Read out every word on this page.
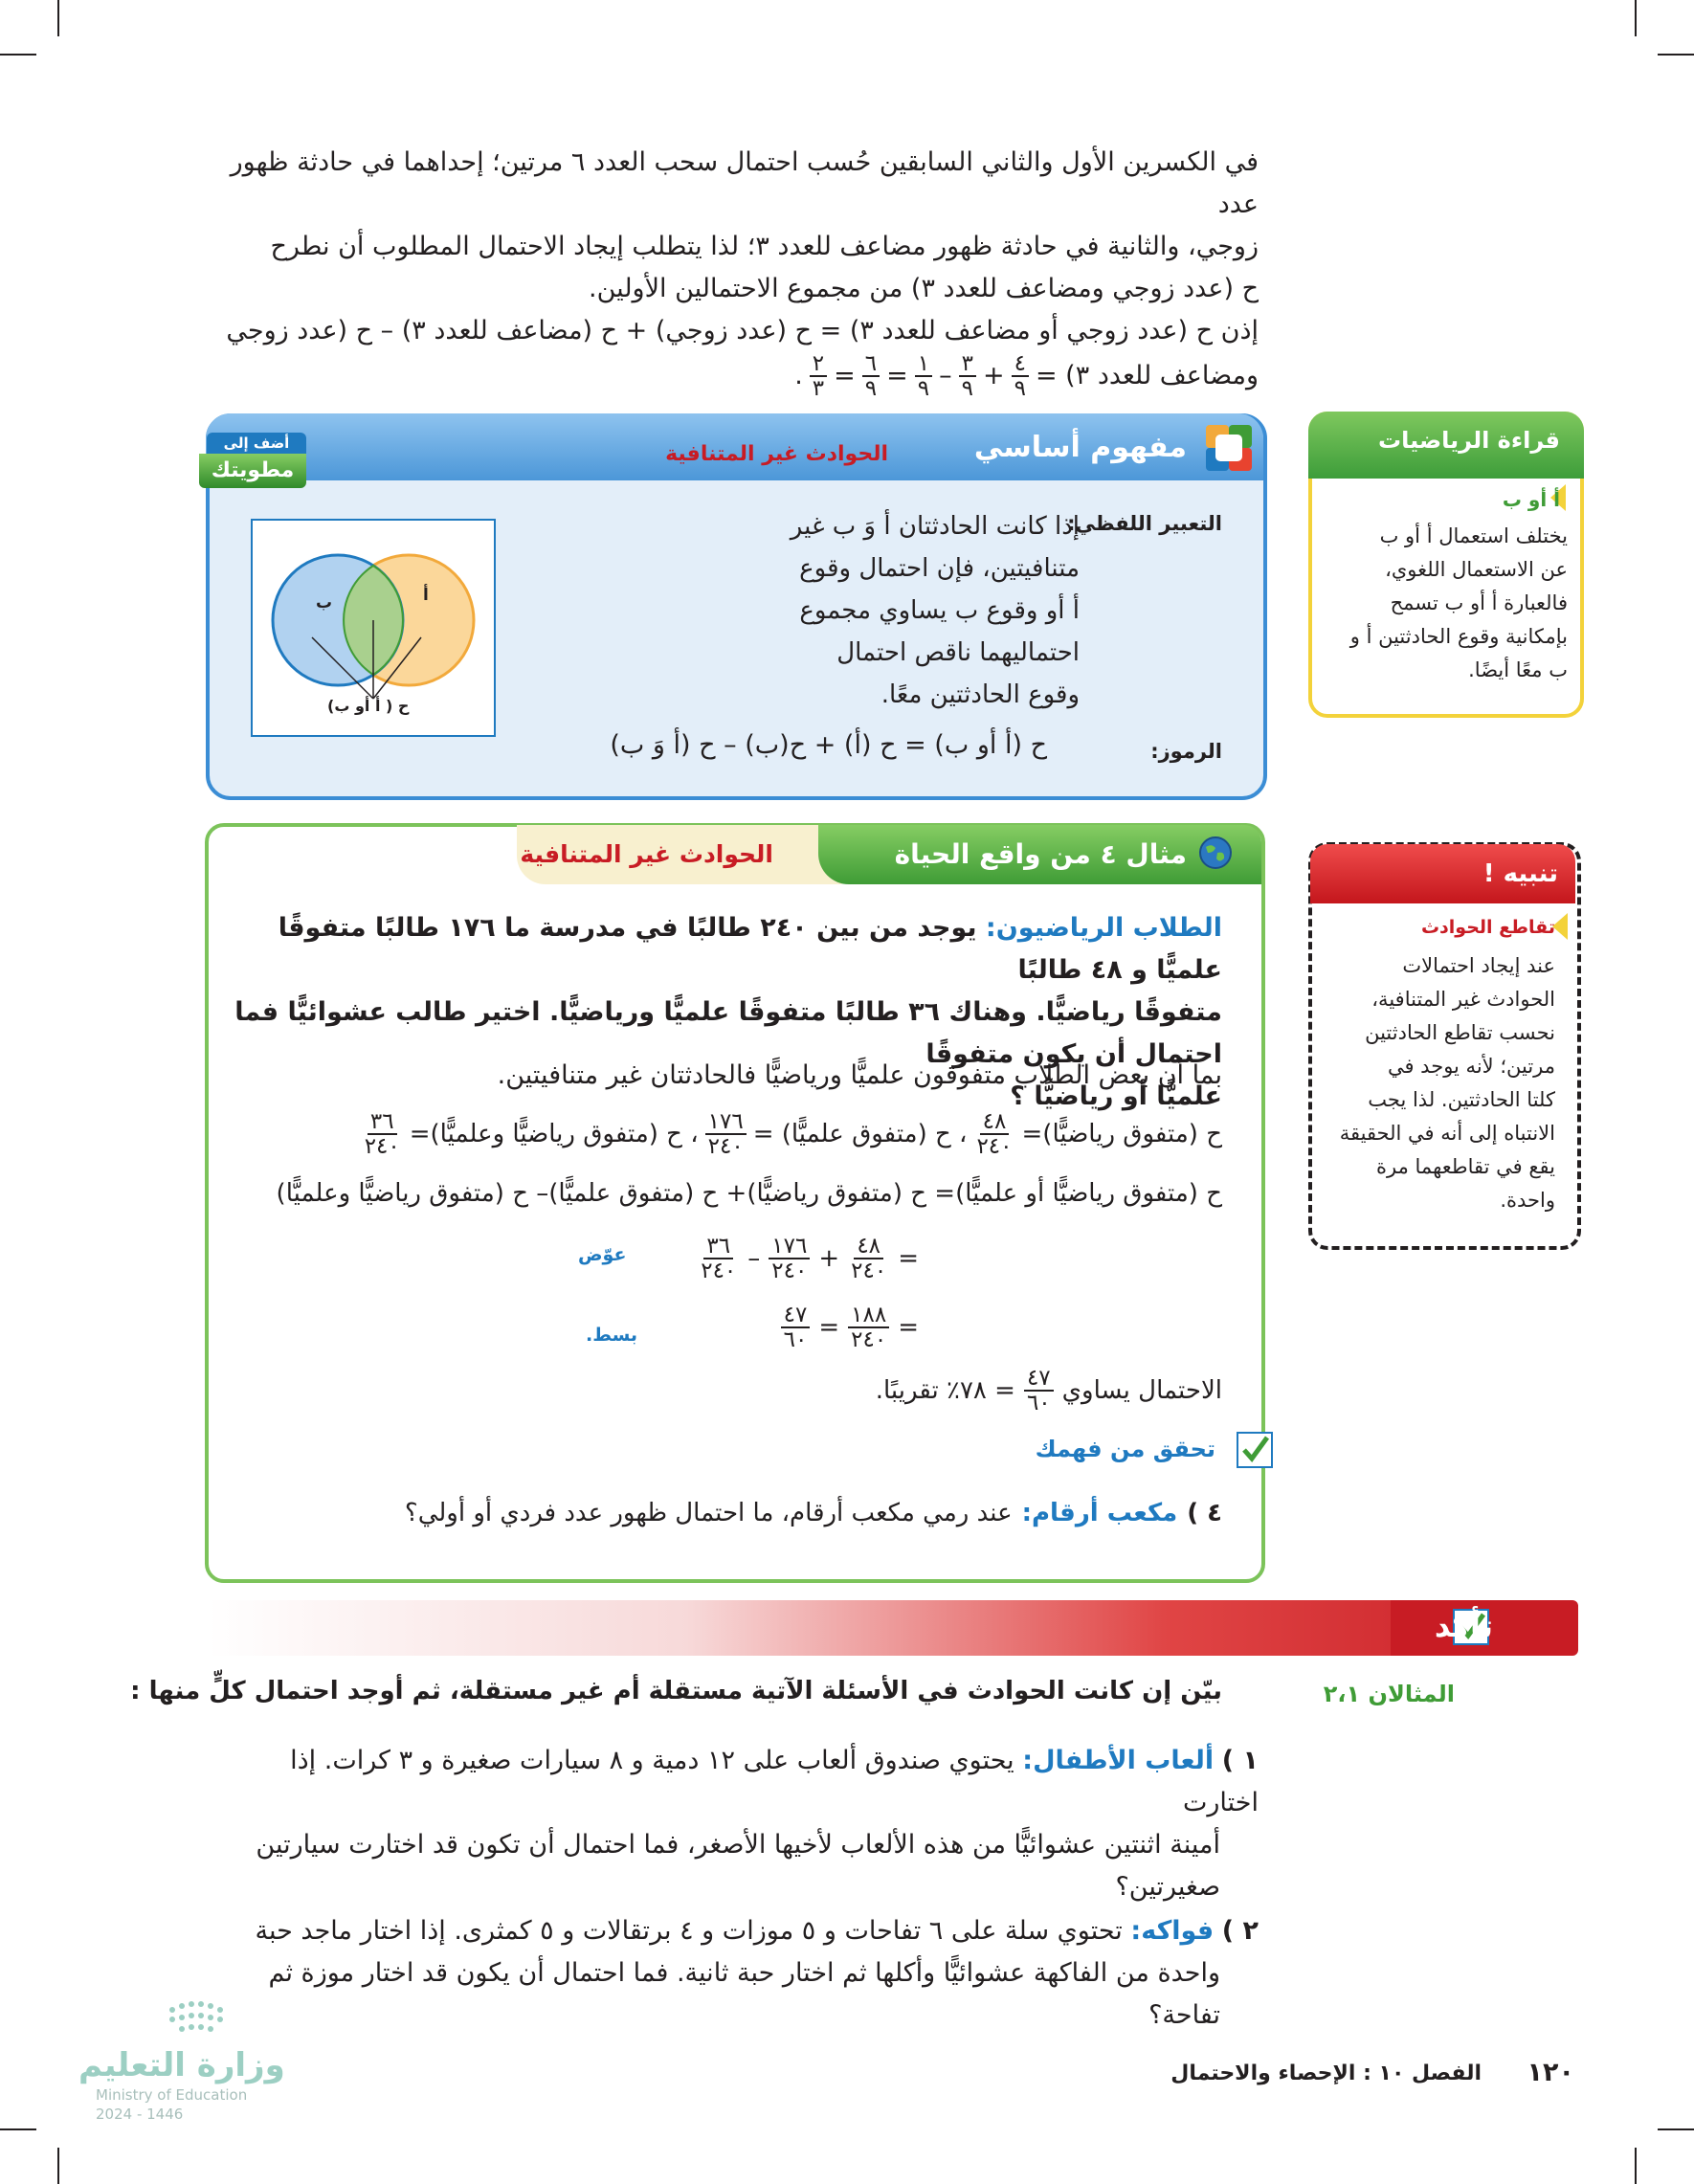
في الكسرين الأول والثاني السابقين حُسب احتمال سحب العدد ٦ مرتين؛ إحداهما في حادثة ظهور عدد
زوجي، والثانية في حادثة ظهور مضاعف للعدد ٣؛ لذا يتطلب إيجاد الاحتمال المطلوب أن نطرح
ح (عدد زوجي ومضاعف للعدد ٣) من مجموع الاحتمالين الأولين.
إذن ح (عدد زوجي أو مضاعف للعدد ٣) = ح (عدد زوجي) + ح (مضاعف للعدد ٣) – ح (عدد زوجي
ومضاعف للعدد ٣) =
$\frac{٤}{٩}$
+
$\frac{٣}{٩}$
–
$\frac{١}{٩}$
=
$\frac{٦}{٩}$
=
$\frac{٢}{٣}$
.
قراءة الرياضيات
أ أو ب
يختلف استعمال أ أو ب
عن الاستعمال اللغوي،
فالعبارة أ أو ب تسمح
بإمكانية وقوع الحادثتين أ و
ب معًا أيضًا.
مفهوم أساسي
الحوادث غير المتنافية
أضف إلى
مطويتك
التعبير اللفظي:
إذا كانت الحادثتان أ وَ ب غير
متنافيتين، فإن احتمال وقوع
أ أو وقوع ب يساوي مجموع
احتماليهما ناقص احتمال
وقوع الحادثتين معًا.
الرموز:
ح (أ أو ب) = ح (أ) + ح(ب) – ح (أ وَ ب)
أ
ب
ح ( أ أو ب)
تنبيه !
تقاطع الحوادث
عند إيجاد احتمالات
الحوادث غير المتنافية،
نحسب تقاطع الحادثتين
مرتين؛ لأنه يوجد في
كلتا الحادثتين. لذا يجب
الانتباه إلى أنه في الحقيقة
يقع في تقاطعهما مرة
واحدة.
مثال ٤ من واقع الحياة
الحوادث غير المتنافية
الطلاب الرياضيون: يوجد من بين ٢٤٠ طالبًا في مدرسة ما ١٧٦ طالبًا متفوقًا علميًّا و ٤٨ طالبًا
متفوقًا رياضيًّا. وهناك ٣٦ طالبًا متفوقًا علميًّا ورياضيًّا. اختير طالب عشوائيًّا فما احتمال أن يكون متفوقًا
علميًّا أو رياضيًّا ؟
بما أن بعض الطلاب متفوقون علميًّا ورياضيًّا فالحادثتان غير متنافيتين.
ح (متفوق رياضيًّا)=
$\frac{٤٨}{٢٤٠}$
، ح (متفوق علميًّا) =
$\frac{١٧٦}{٢٤٠}$
، ح (متفوق رياضيًّا وعلميًّا)=
$\frac{٣٦}{٢٤٠}$
ح (متفوق رياضيًّا أو علميًّا)= ح (متفوق رياضيًّا)+ ح (متفوق علميًّا)– ح (متفوق رياضيًّا وعلميًّا)
=
$\frac{٤٨}{٢٤٠}$
+
$\frac{١٧٦}{٢٤٠}$
–
$\frac{٣٦}{٢٤٠}$
عوّض
=
$\frac{١٨٨}{٢٤٠}$
=
$\frac{٤٧}{٦٠}$
بسط.
الاحتمال يساوي
$\frac{٤٧}{٦٠}$
= ٧٨٪ تقريبًا.
تحقق من فهمك
٤ )
مكعب أرقام:
عند رمي مكعب أرقام، ما احتمال ظهور عدد فردي أو أولي؟
تأكد
المثالان ٢،١
بيّن إن كانت الحوادث في الأسئلة الآتية مستقلة أم غير مستقلة، ثم أوجد احتمال كلٍّ منها :
١ ) ألعاب الأطفال: يحتوي صندوق ألعاب على ١٢ دمية و ٨ سيارات صغيرة و ٣ كرات. إذا اختارت
أمينة اثنتين عشوائيًّا من هذه الألعاب لأخيها الأصغر، فما احتمال أن تكون قد اختارت سيارتين
صغيرتين؟
٢ ) فواكه: تحتوي سلة على ٦ تفاحات و ٥ موزات و ٤ برتقالات و ٥ كمثرى. إذا اختار ماجد حبة
واحدة من الفاكهة عشوائيًّا وأكلها ثم اختار حبة ثانية. فما احتمال أن يكون قد اختار موزة ثم تفاحة؟
وزارة التعليم
Ministry of Education
2024 - 1446
١٢٠
الفصل ١٠ : الإحصاء والاحتمال
